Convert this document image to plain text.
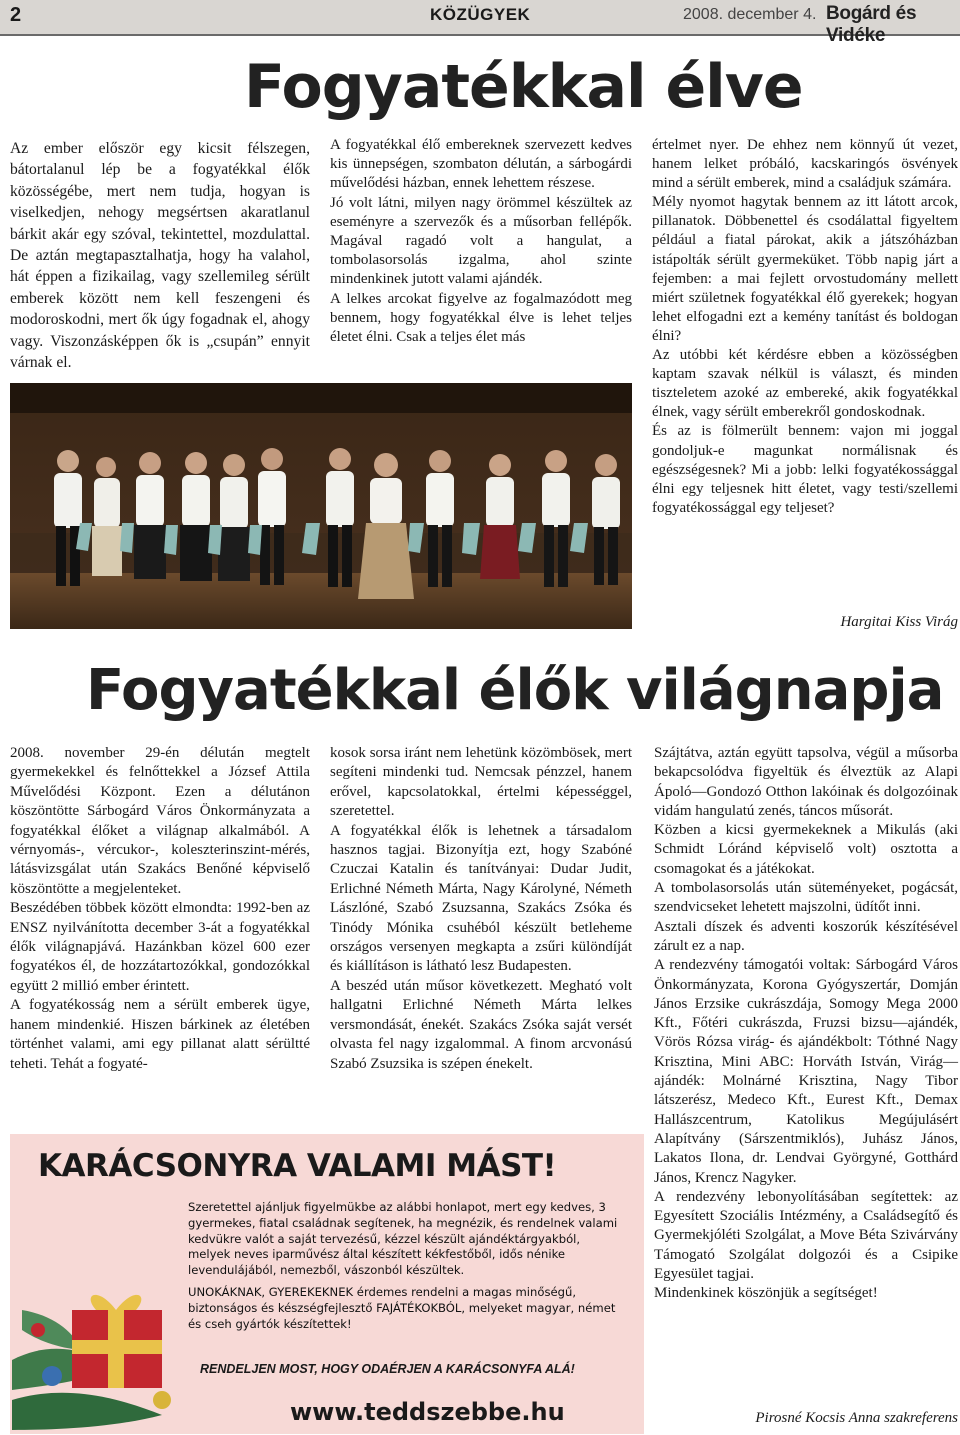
2	KÖZÜGYEK	2008. december 4. Bogárd és Vidéke
Fogyatékkal élve

Az ember először egy kicsit félszegen, bátortalanul lép be a fogyatékkal élők közösségébe, mert nem tudja, hogyan is viselkedjen, nehogy megsértsen akaratlanul bárkit akár egy szóval, tekintettel, mozdulattal. De aztán megtapasztalhatja, hogy ha valahol, hát éppen a fizikailag, vagy szellemileg sérült emberek között nem kell feszengeni és modoroskodni, mert ők úgy fogadnak el, ahogy vagy. Viszonzásképpen ők is „csupán” ennyit várnak el.

A fogyatékkal élő embereknek szervezett kedves kis ünnepségen, szombaton délután, a sárbogárdi művelődési házban, ennek lehettem részese.

Jó volt látni, milyen nagy örömmel készültek az eseményre a szervezők és a műsorban fellépők. Magával ragadó volt a hangulat, a tombolasorsolás izgalma, ahol szinte mindenkinek jutott valami ajándék.

A lelkes arcokat figyelve az fogalmazódott meg bennem, hogy fogyatékkal élve is lehet teljes életet élni. Csak a teljes élet más

értelmet nyer. De ehhez nem könnyű út vezet, hanem lelket próbáló, kacskaringós ösvények mind a sérült emberek, mind a családjuk számára.

Mély nyomot hagytak bennem az itt látott arcok, pillanatok. Döbbenettel és csodálattal figyeltem például a fiatal párokat, akik a játszóházban istápolták sérült gyermeküket. Több napig járt a fejemben: a mai fejlett orvostudomány mellett miért születnek fogyatékkal élő gyerekek; hogyan lehet elfogadni ezt a kemény tanítást és boldogan élni?

Az utóbbi két kérdésre ebben a közösségben kaptam szavak nélkül is választ, és minden tiszteletem azoké az embereké, akik fogyatékkal élnek, vagy sérült emberekről gondoskodnak.

És az is fölmerült bennem: vajon mi joggal gondoljuk-e magunkat normálisnak és egészségesnek? Mi a jobb: lelki fogyatékossággal élni egy teljesnek hitt életet, vagy testi/szellemi fogyatékossággal egy teljeset?

Hargitai Kiss Virág
Fogyatékkal élők világnapja

2008. november 29-én délután megtelt gyermekekkel és felnőttekkel a József Attila Művelődési Központ. Ezen a délutánon köszöntötte Sárbogárd Város Önkormányzata a fogyatékkal élőket a világnap alkalmából. A vérnyomás-, vércukor-, koleszterinszint-mérés, látásvizsgálat után Szakács Benőné képviselő köszöntötte a megjelenteket.

Beszédében többek között elmondta: 1992-ben az ENSZ nyilvánította december 3-át a fogyatékkal élők világnapjává. Hazánkban közel 600 ezer fogyatékos él, de hozzátartozókkal, gondozókkal együtt 2 millió ember érintett.

A fogyatékosság nem a sérült emberek ügye, hanem mindenkié. Hiszen bárkinek az életében történhet valami, ami egy pillanat alatt sérültté teheti. Tehát a fogyaté-

kosok sorsa iránt nem lehetünk közömbösek, mert segíteni mindenki tud. Nemcsak pénzzel, hanem erővel, kapcsolatokkal, értelmi képességgel, szeretettel.

A fogyatékkal élők is lehetnek a társadalom hasznos tagjai. Bizonyítja ezt, hogy Szabóné Czuczai Katalin és tanítványai: Dudar Judit, Erlichné Németh Márta, Nagy Károlyné, Németh Lászlóné, Szabó Zsuzsanna, Szakács Zsóka és Tinódy Mónika csuhéból készült betleheme országos versenyen megkapta a zsűri különdíját és kiállításon is látható lesz Budapesten.

A beszéd után műsor következett. Megható volt hallgatni Erlichné Németh Márta lelkes versmondását, énekét. Szakács Zsóka saját versét olvasta fel nagy izgalommal. A finom arcvonású Szabó Zsuzsika is szépen énekelt.

Szájtátva, aztán együtt tapsolva, végül a műsorba bekapcsolódva figyeltük és élveztük az Alapi Ápoló—Gondozó Otthon lakóinak és dolgozóinak vidám hangulatú zenés, táncos műsorát.

Közben a kicsi gyermekeknek a Mikulás (aki Schmidt Lóránd képviselő volt) osztotta a csomagokat és a játékokat.

A tombolasorsolás után süteményeket, pogácsát, szendvicseket lehetett majszolni, üdítőt inni.

Asztali díszek és adventi koszorúk készítésével zárult ez a nap.

A rendezvény támogatói voltak: Sárbogárd Város Önkormányzata, Korona Gyógyszertár, Domján János Erzsike cukrászdája, Somogy Mega 2000 Kft., Főtéri cukrászda, Fruzsi bizsu—ajándék, Vörös Rózsa virág- és ajándékbolt: Tóthné Nagy Krisztina, Mini ABC: Horváth István, Virág—ajándék: Molnárné Krisztina, Nagy Tibor látszerész, Medeco Kft., Eurest Kft., Demax Hallászcentrum, Katolikus Megújulásért Alapítvány (Sárszentmiklós), Juhász János, Lakatos Ilona, dr. Lendvai Györgyné, Gotthárd János, Krencz Nagyker.

A rendezvény lebonyolításában segítettek: az Egyesített Szociális Intézmény, a Családsegítő és Gyermekjóléti Szolgálat, a Move Béta Szivárvány Támogató Szolgálat dolgozói és a Csipike Egyesület tagjai.

Mindenkinek köszönjük a segítséget!

Pirosné Kocsis Anna szakreferens
KARÁCSONYRA VALAMI MÁST!

Szeretettel ajánljuk figyelmükbe az alábbi honlapot, mert egy kedves, 3 gyermekes, fiatal családnak segítenek, ha megnézik, és rendelnek valami kedvükre valót a saját tervezésű, kézzel készült ajándéktárgyakból, melyek neves iparművész által készített kékfestőből, idős nénike levendulájából, nemezből, vászonból készültek.

UNOKÁKNAK, GYEREKEKNEK érdemes rendelni a magas minőségű, biztonságos és készségfejlesztő FAJÁTÉKOKBÓL, melyeket magyar, német és cseh gyártók készítettek!

RENDELJEN MOST, HOGY ODAÉRJEN A KARÁCSONYFA ALÁ!
www.teddszebbe.hu
